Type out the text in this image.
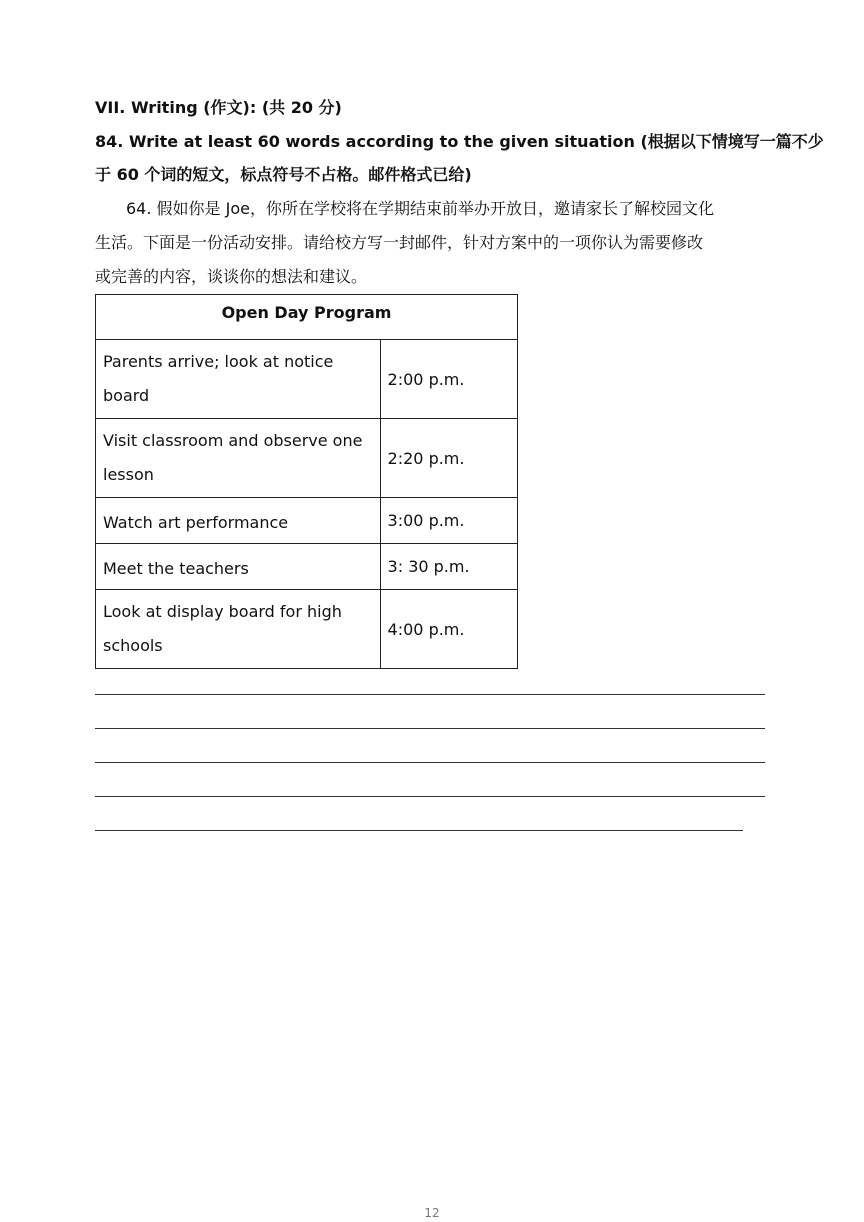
VII. Writing (作文): (共 20 分)
84. Write at least 60 words according to the given situation (根据以下情境写一篇不少
于 60 个词的短文，标点符号不占格。邮件格式已给)
64. 假如你是 Joe，你所在学校将在学期结束前举办开放日，邀请家长了解校园文化
生活。下面是一份活动安排。请给校方写一封邮件，针对方案中的一项你认为需要修改
或完善的内容，谈谈你的想法和建议。
Open Day Program	

Parents arrive; look at notice
board	2:00 p.m.

Visit classroom and observe one
lesson	2:20 p.m.

Watch art performance	3:00 p.m.

Meet the teachers	3: 30 p.m.

Look at display board for high
schools	4:00 p.m.
12
